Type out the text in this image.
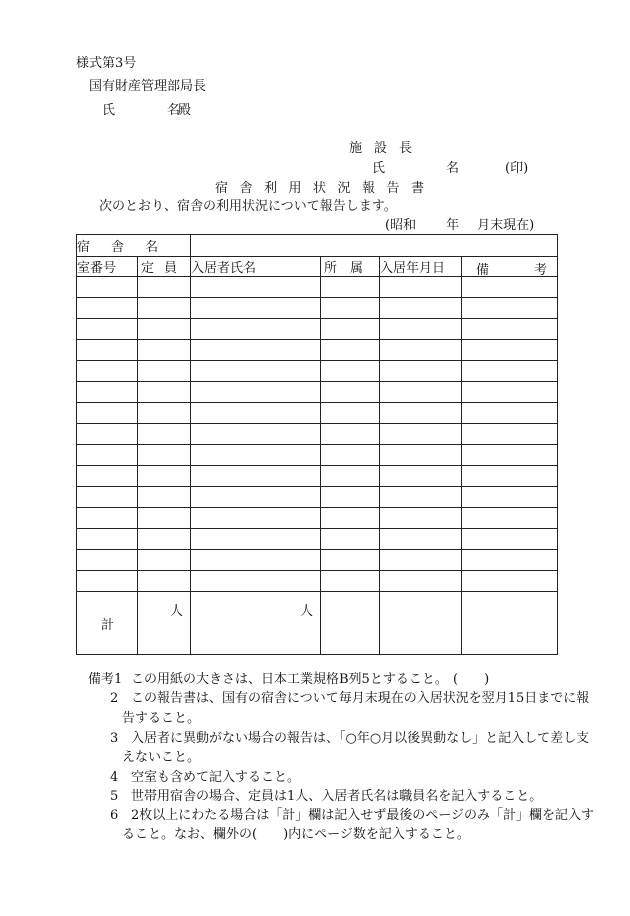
様式第3号
国有財産管理部局長
氏　　　　名
殿
施設長
氏	名	(印)
宿舎利用状況報告書
次のとおり、宿舎の利用状況について報告します。
(昭和 年 月末現在)
宿舎名					
室番号	定員	入居者氏名	所属	入居年月日	備 考

計	人	人			

備考1 この用紙の大きさは、日本工業規格B列5とすること。 (　　)
2 この報告書は、国有の宿舎について毎月末現在の入居状況を翌月15日までに報
告すること。
3 入居者に異動がない場合の報告は、「○年○月以後異動なし」と記入して差し支
えないこと。
4 空室も含めて記入すること。
5 世帯用宿舎の場合、定員は1人、入居者氏名は職員名を記入すること。
6 2枚以上にわたる場合は「計」欄は記入せず最後のページのみ「計」欄を記入す
ること。なお、欄外の(　　)内にページ数を記入すること。
